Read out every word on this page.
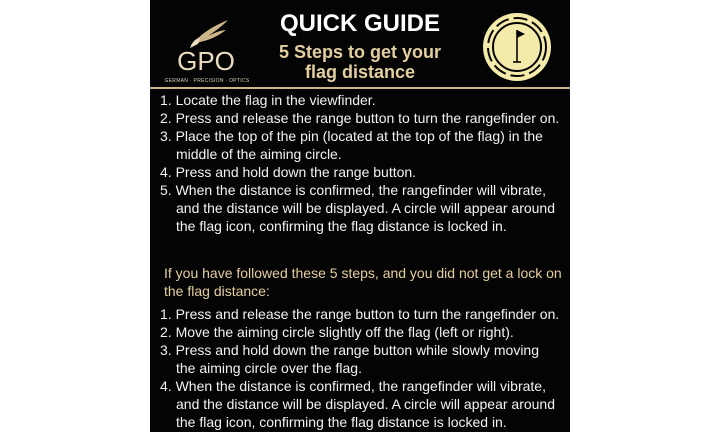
GPO
GERMAN · PRECISION · OPTICS
QUICK GUIDE
5 Steps to get your
flag distance
1. Locate the flag in the viewfinder.
2. Press and release the range button to turn the rangefinder on.
3. Place the top of the pin (located at the top of the flag) in the middle of the aiming circle.
4. Press and hold down the range button.
5. When the distance is confirmed, the rangefinder will vibrate, and the distance will be displayed. A circle will appear around the flag icon, confirming the flag distance is locked in.
If you have followed these 5 steps, and you did not get a lock on the flag distance:
1. Press and release the range button to turn the rangefinder on.
2. Move the aiming circle slightly off the flag (left or right).
3. Press and hold down the range button while slowly moving the aiming circle over the flag.
4. When the distance is confirmed, the rangefinder will vibrate, and the distance will be displayed. A circle will appear around the flag icon, confirming the flag distance is locked in.
